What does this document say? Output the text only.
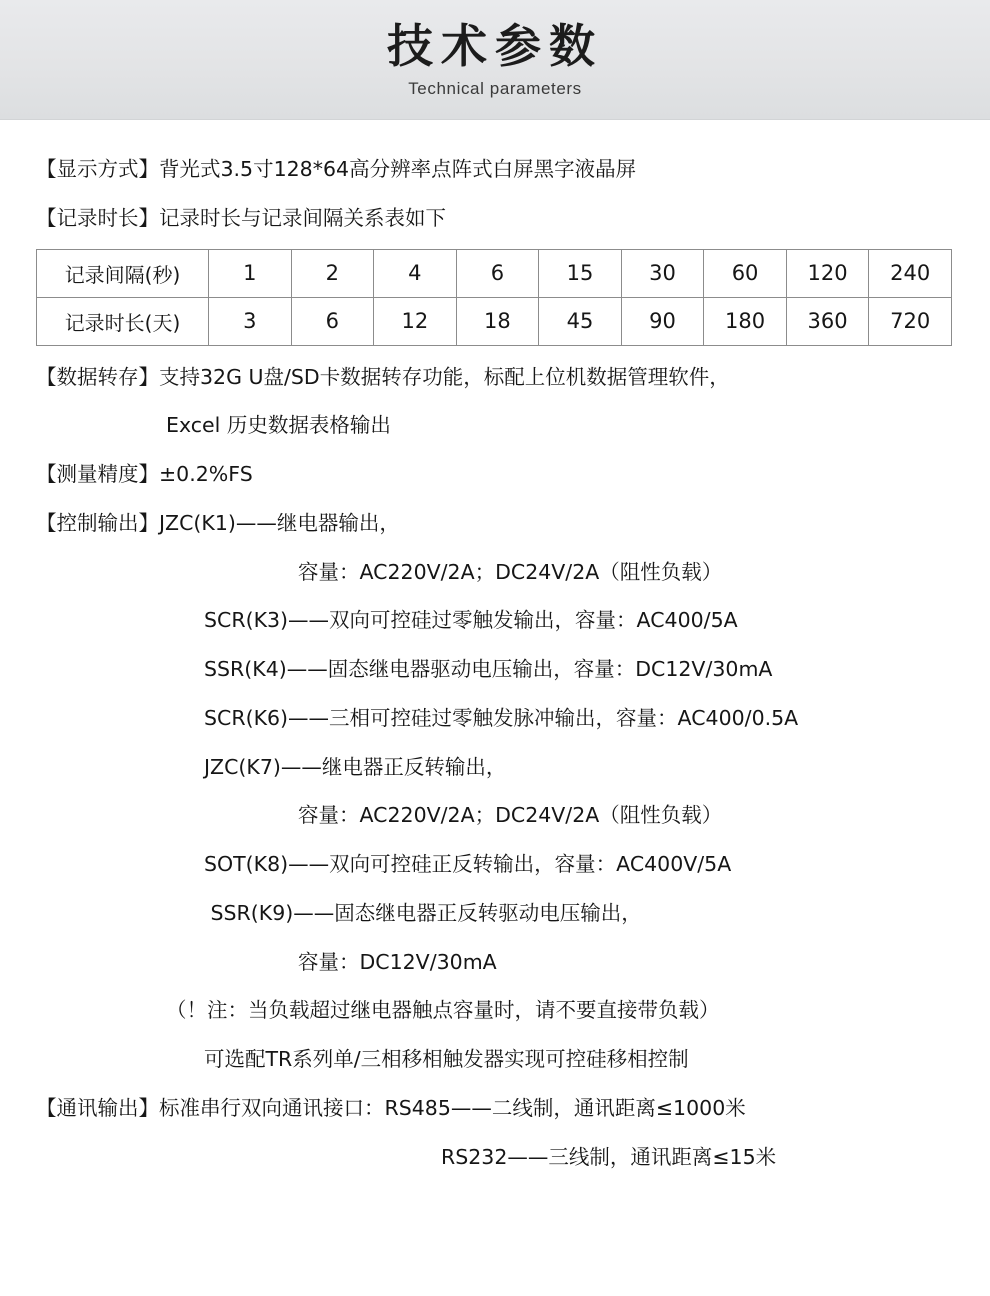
技术参数
Technical parameters

【显示方式】背光式3.5寸128*64高分辨率点阵式白屏黑字液晶屏

【记录时长】记录时长与记录间隔关系表如下

记录间隔(秒)	1	2	4	6	15	30	60	120	240
记录时长(天)	3	6	12	18	45	90	180	360	720

【数据转存】支持32G U盘/SD卡数据转存功能，标配上位机数据管理软件，

Excel 历史数据表格输出

【测量精度】±0.2%FS

【控制输出】JZC(K1)——继电器输出，

容量：AC220V/2A；DC24V/2A（阻性负载）

SCR(K3)——双向可控硅过零触发输出，容量：AC400/5A

SSR(K4)——固态继电器驱动电压输出，容量：DC12V/30mA

SCR(K6)——三相可控硅过零触发脉冲输出，容量：AC400/0.5A

JZC(K7)——继电器正反转输出，

容量：AC220V/2A；DC24V/2A（阻性负载）

SOT(K8)——双向可控硅正反转输出，容量：AC400V/5A

SSR(K9)——固态继电器正反转驱动电压输出，

容量：DC12V/30mA

（！注：当负载超过继电器触点容量时，请不要直接带负载）

可选配TR系列单/三相移相触发器实现可控硅移相控制

【通讯输出】标准串行双向通讯接口：RS485——二线制，通讯距离≤1000米

RS232——三线制，通讯距离≤15米
